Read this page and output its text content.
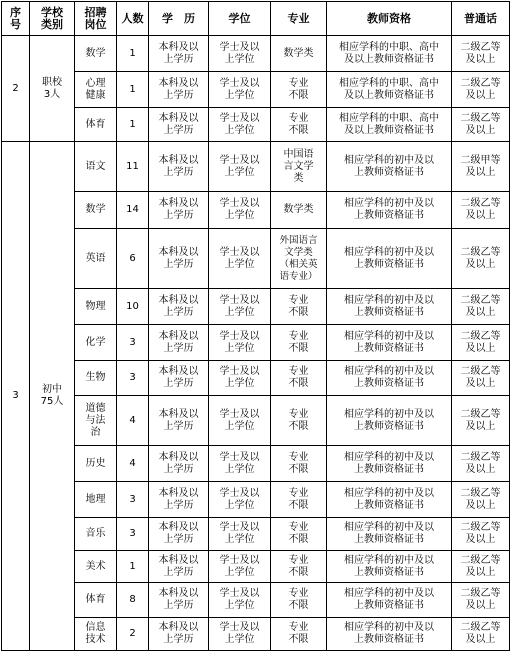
序
号	学校
类别	招聘
岗位	人数	学　历	学位	专业	教师资格	普通话
2	职校
3人	数学	1	本科及以
上学历	学士及以
上学位	数学类	相应学科的中职、高中
及以上教师资格证书	二级乙等
及以上
		心理
健康	1	本科及以
上学历	学士及以
上学位	专业
不限	相应学科的中职、高中
及以上教师资格证书	二级乙等
及以上
		体育	1	本科及以
上学历	学士及以
上学位	专业
不限	相应学科的中职、高中
及以上教师资格证书	二级乙等
及以上
3	初中
75人	语文	11	本科及以
上学历	学士及以
上学位	中国语
言文学
类	相应学科的初中及以
上教师资格证书	二级甲等
及以上
		数学	14	本科及以
上学历	学士及以
上学位	数学类	相应学科的初中及以
上教师资格证书	二级乙等
及以上
		英语	6	本科及以
上学历	学士及以
上学位	外国语言
文学类
（相关英
语专业）	相应学科的初中及以
上教师资格证书	二级乙等
及以上
		物理	10	本科及以
上学历	学士及以
上学位	专业
不限	相应学科的初中及以
上教师资格证书	二级乙等
及以上
		化学	3	本科及以
上学历	学士及以
上学位	专业
不限	相应学科的初中及以
上教师资格证书	二级乙等
及以上
		生物	3	本科及以
上学历	学士及以
上学位	专业
不限	相应学科的初中及以
上教师资格证书	二级乙等
及以上
		道德
与法
治	4	本科及以
上学历	学士及以
上学位	专业
不限	相应学科的初中及以
上教师资格证书	二级乙等
及以上
		历史	4	本科及以
上学历	学士及以
上学位	专业
不限	相应学科的初中及以
上教师资格证书	二级乙等
及以上
		地理	3	本科及以
上学历	学士及以
上学位	专业
不限	相应学科的初中及以
上教师资格证书	二级乙等
及以上
		音乐	3	本科及以
上学历	学士及以
上学位	专业
不限	相应学科的初中及以
上教师资格证书	二级乙等
及以上
		美术	1	本科及以
上学历	学士及以
上学位	专业
不限	相应学科的初中及以
上教师资格证书	二级乙等
及以上
		体育	8	本科及以
上学历	学士及以
上学位	专业
不限	相应学科的初中及以
上教师资格证书	二级乙等
及以上
		信息
技术	2	本科及以
上学历	学士及以
上学位	专业
不限	相应学科的初中及以
上教师资格证书	二级乙等
及以上
